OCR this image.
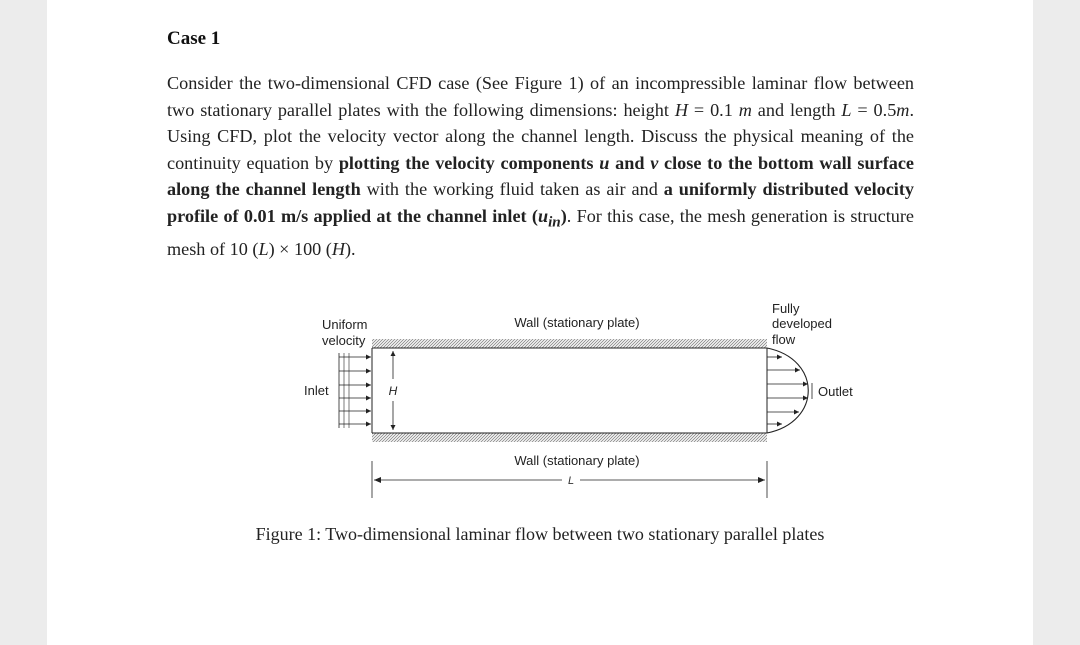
Case 1

Consider the two-dimensional CFD case (See Figure 1) of an incompressible laminar flow between two stationary parallel plates with the following dimensions: height H = 0.1 m and length L = 0.5m. Using CFD, plot the velocity vector along the channel length. Discuss the physical meaning of the continuity equation by plotting the velocity components u and v close to the bottom wall surface along the channel length with the working fluid taken as air and a uniformly distributed velocity profile of 0.01 m/s applied at the channel inlet $(u_{in})$. For this case, the mesh generation is structure mesh of 10 (L) × 100 (H).

H
L
Uniform
velocity
Inlet
Wall (stationary plate)
Wall (stationary plate)
Fully
developed
flow
Outlet
Figure 1: Two-dimensional laminar flow between two stationary parallel plates
